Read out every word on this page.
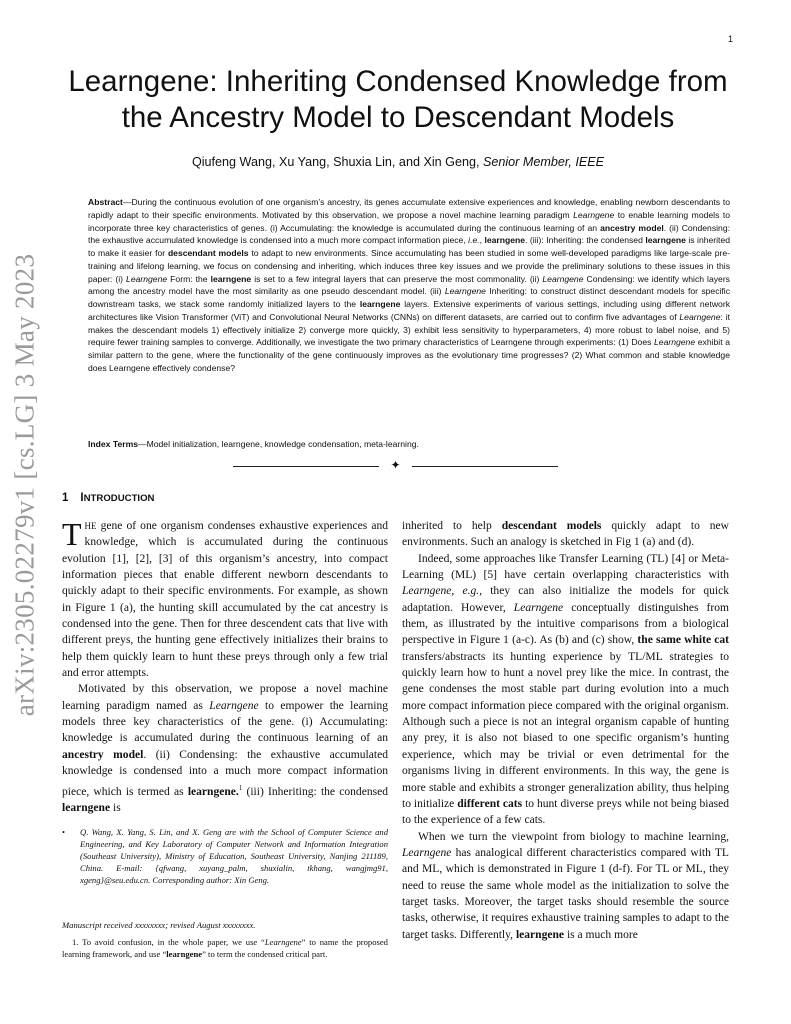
1
arXiv:2305.02279v1 [cs.LG] 3 May 2023
Learngene: Inheriting Condensed Knowledge from the Ancestry Model to Descendant Models
Qiufeng Wang, Xu Yang, Shuxia Lin, and Xin Geng, Senior Member, IEEE
Abstract—During the continuous evolution of one organism’s ancestry, its genes accumulate extensive experiences and knowledge, enabling newborn descendants to rapidly adapt to their specific environments. Motivated by this observation, we propose a novel machine learning paradigm Learngene to enable learning models to incorporate three key characteristics of genes. (i) Accumulating: the knowledge is accumulated during the continuous learning of an ancestry model. (ii) Condensing: the exhaustive accumulated knowledge is condensed into a much more compact information piece, i.e., learngene. (iii): Inheriting: the condensed learngene is inherited to make it easier for descendant models to adapt to new environments. Since accumulating has been studied in some well-developed paradigms like large-scale pre-training and lifelong learning, we focus on condensing and inheriting, which induces three key issues and we provide the preliminary solutions to these issues in this paper: (i) Learngene Form: the learngene is set to a few integral layers that can preserve the most commonality. (ii) Learngene Condensing: we identify which layers among the ancestry model have the most similarity as one pseudo descendant model. (iii) Learngene Inheriting: to construct distinct descendant models for specific downstream tasks, we stack some randomly initialized layers to the learngene layers. Extensive experiments of various settings, including using different network architectures like Vision Transformer (ViT) and Convolutional Neural Networks (CNNs) on different datasets, are carried out to confirm five advantages of Learngene: it makes the descendant models 1) effectively initialize 2) converge more quickly, 3) exhibit less sensitivity to hyperparameters, 4) more robust to label noise, and 5) require fewer training samples to converge. Additionally, we investigate the two primary characteristics of Learngene through experiments: (1) Does Learngene exhibit a similar pattern to the gene, where the functionality of the gene continuously improves as the evolutionary time progresses? (2) What common and stable knowledge does Learngene effectively condense?
Index Terms—Model initialization, learngene, knowledge condensation, meta-learning.
✦
1 INTRODUCTION

THE gene of one organism condenses exhaustive experiences and knowledge, which is accumulated during the continuous evolution [1], [2], [3] of this organism’s ancestry, into compact information pieces that enable different newborn descendants to quickly adapt to their specific environments. For example, as shown in Figure 1 (a), the hunting skill accumulated by the cat ancestry is condensed into the gene. Then for three descendent cats that live with different preys, the hunting gene effectively initializes their brains to help them quickly learn to hunt these preys through only a few trial and error attempts.

Motivated by this observation, we propose a novel machine learning paradigm named as Learngene to empower the learning models three key characteristics of the gene. (i) Accumulating: knowledge is accumulated during the continuous learning of an ancestry model. (ii) Condensing: the exhaustive accumulated knowledge is condensed into a much more compact information piece, which is termed as learngene.$^1$ (iii) Inheriting: the condensed learngene is

• Q. Wang, X. Yang, S. Lin, and X. Geng are with the School of Computer Science and Engineering, and Key Laboratory of Computer Network and Information Integration (Southeast University), Ministry of Education, Southeast University, Nanjing 211189, China. E-mail: {qfwang, xuyang_palm, shuxialin, tkhang, wangjmg91, xgeng}@seu.edu.cn. Corresponding author: Xin Geng.
Manuscript received xxxxxxxx; revised August xxxxxxxx.
1. To avoid confusion, in the whole paper, we use “Learngene” to name the proposed learning framework, and use “learngene” to term the condensed critical part.

inherited to help descendant models quickly adapt to new environments. Such an analogy is sketched in Fig 1 (a) and (d).

Indeed, some approaches like Transfer Learning (TL) [4] or Meta-Learning (ML) [5] have certain overlapping characteristics with Learngene, e.g., they can also initialize the models for quick adaptation. However, Learngene conceptually distinguishes from them, as illustrated by the intuitive comparisons from a biological perspective in Figure 1 (a-c). As (b) and (c) show, the same white cat transfers/abstracts its hunting experience by TL/ML strategies to quickly learn how to hunt a novel prey like the mice. In contrast, the gene condenses the most stable part during evolution into a much more compact information piece compared with the original organism. Although such a piece is not an integral organism capable of hunting any prey, it is also not biased to one specific organism’s hunting experience, which may be trivial or even detrimental for the organisms living in different environments. In this way, the gene is more stable and exhibits a stronger generalization ability, thus helping to initialize different cats to hunt diverse preys while not being biased to the experience of a few cats.

When we turn the viewpoint from biology to machine learning, Learngene has analogical different characteristics compared with TL and ML, which is demonstrated in Figure 1 (d-f). For TL or ML, they need to reuse the same whole model as the initialization to solve the target tasks. Moreover, the target tasks should resemble the source tasks, otherwise, it requires exhaustive training samples to adapt to the target tasks. Differently, learngene is a much more
